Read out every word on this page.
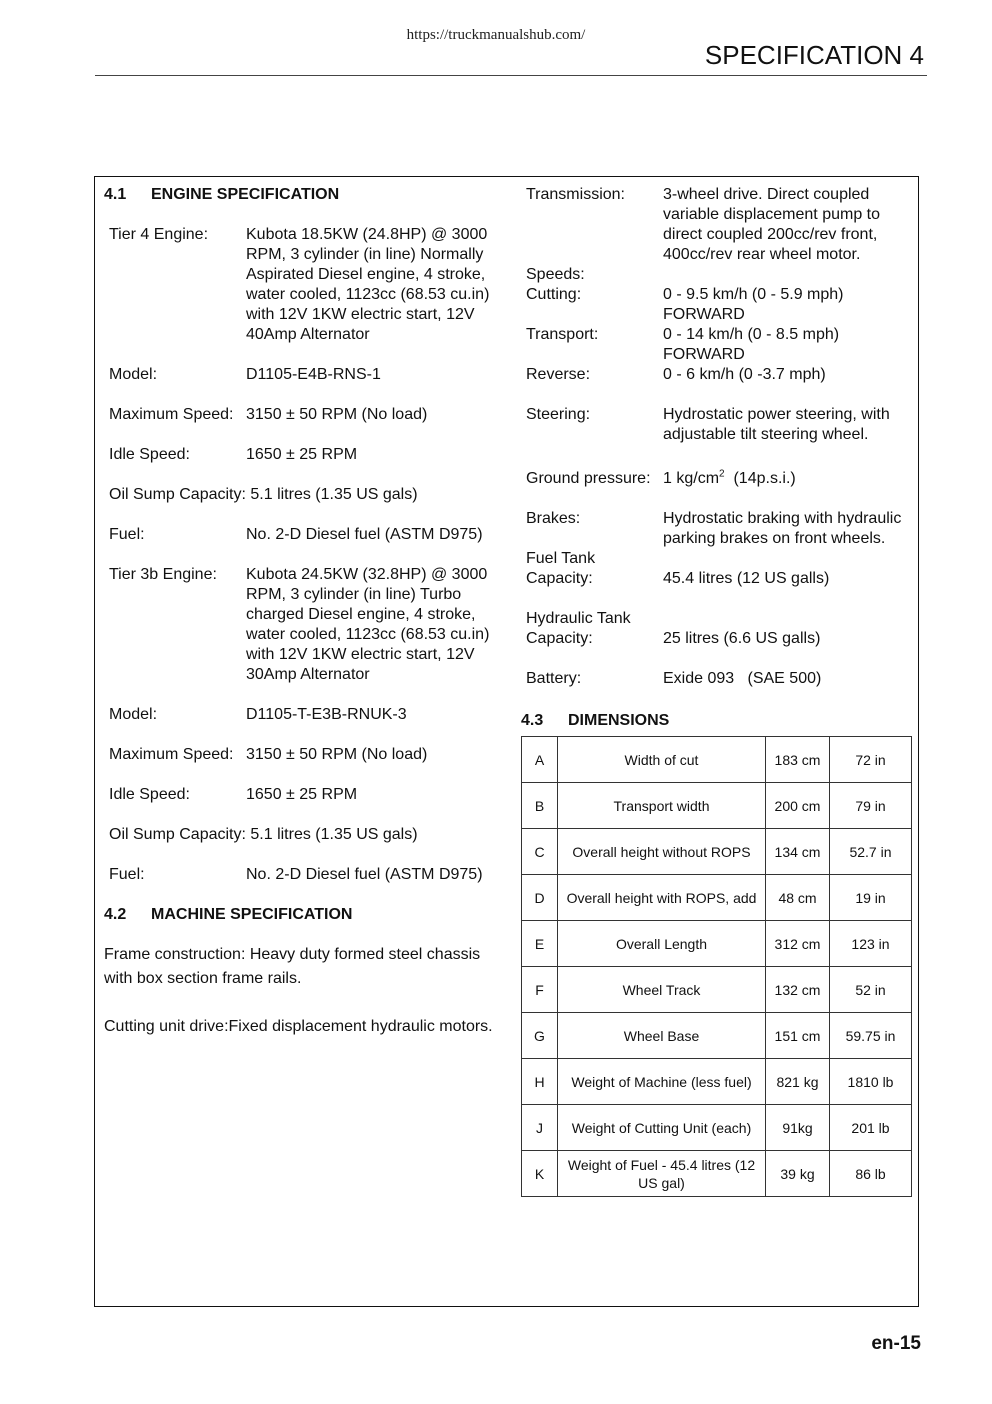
https://truckmanualshub.com/
SPECIFICATION 4
4.1	ENGINE SPECIFICATION
Tier 4 Engine:	Kubota 18.5KW (24.8HP) @ 3000 RPM, 3 cylinder (in line) Normally Aspirated Diesel engine, 4 stroke, water cooled, 1123cc (68.53 cu.in) with 12V 1KW electric start, 12V 40Amp Alternator
Model:	D1105-E4B-RNS-1
Maximum Speed: 3150 ± 50 RPM (No load)
Idle Speed:	1650 ± 25 RPM
Oil Sump Capacity: 5.1 litres (1.35 US gals)
Fuel:	No. 2-D Diesel fuel (ASTM D975)
Tier 3b Engine:	Kubota 24.5KW (32.8HP) @ 3000 RPM, 3 cylinder (in line) Turbo charged Diesel engine, 4 stroke, water cooled, 1123cc (68.53 cu.in) with 12V 1KW electric start, 12V 30Amp Alternator
Model:	D1105-T-E3B-RNUK-3
Maximum Speed: 3150 ± 50 RPM (No load)
Idle Speed:	1650 ± 25 RPM
Oil Sump Capacity: 5.1 litres (1.35 US gals)
Fuel:	No. 2-D Diesel fuel (ASTM D975)
4.2	MACHINE SPECIFICATION

Frame construction: Heavy duty formed steel chassis with box section frame rails.

Cutting unit drive:Fixed displacement hydraulic motors.

Transmission:	3-wheel drive. Direct coupled variable displacement pump to direct coupled 200cc/rev front, 400cc/rev rear wheel motor.
Speeds:
Cutting:	0 - 9.5 km/h (0 - 5.9 mph)
FORWARD
Transport:	0 - 14 km/h (0 - 8.5 mph)
FORWARD
Reverse:	0 - 6 km/h (0 -3.7 mph)
Steering:	Hydrostatic power steering, with adjustable tilt steering wheel.
Ground pressure: 1 $kg/cm^2$  (14p.s.i.)
Brakes:	Hydrostatic braking with hydraulic parking brakes on front wheels.
Fuel Tank
Capacity:	45.4 litres (12 US galls)
Hydraulic Tank
Capacity:	25 litres (6.6 US galls)
Battery:	Exide 093   (SAE 500)
4.3	DIMENSIONS
A	Width of cut	183 cm	72 in
B	Transport width	200 cm	79 in
C	Overall height without ROPS	134 cm	52.7 in
D	Overall height with ROPS, add	48 cm	19 in
E	Overall Length	312 cm	123 in
F	Wheel Track	132 cm	52 in
G	Wheel Base	151 cm	59.75 in
H	Weight of Machine (less fuel)	821 kg	1810 lb
J	Weight of Cutting Unit (each)	91kg	201 lb
K	Weight of Fuel - 45.4 litres (12 US gal)	39 kg	86 lb
en-15
